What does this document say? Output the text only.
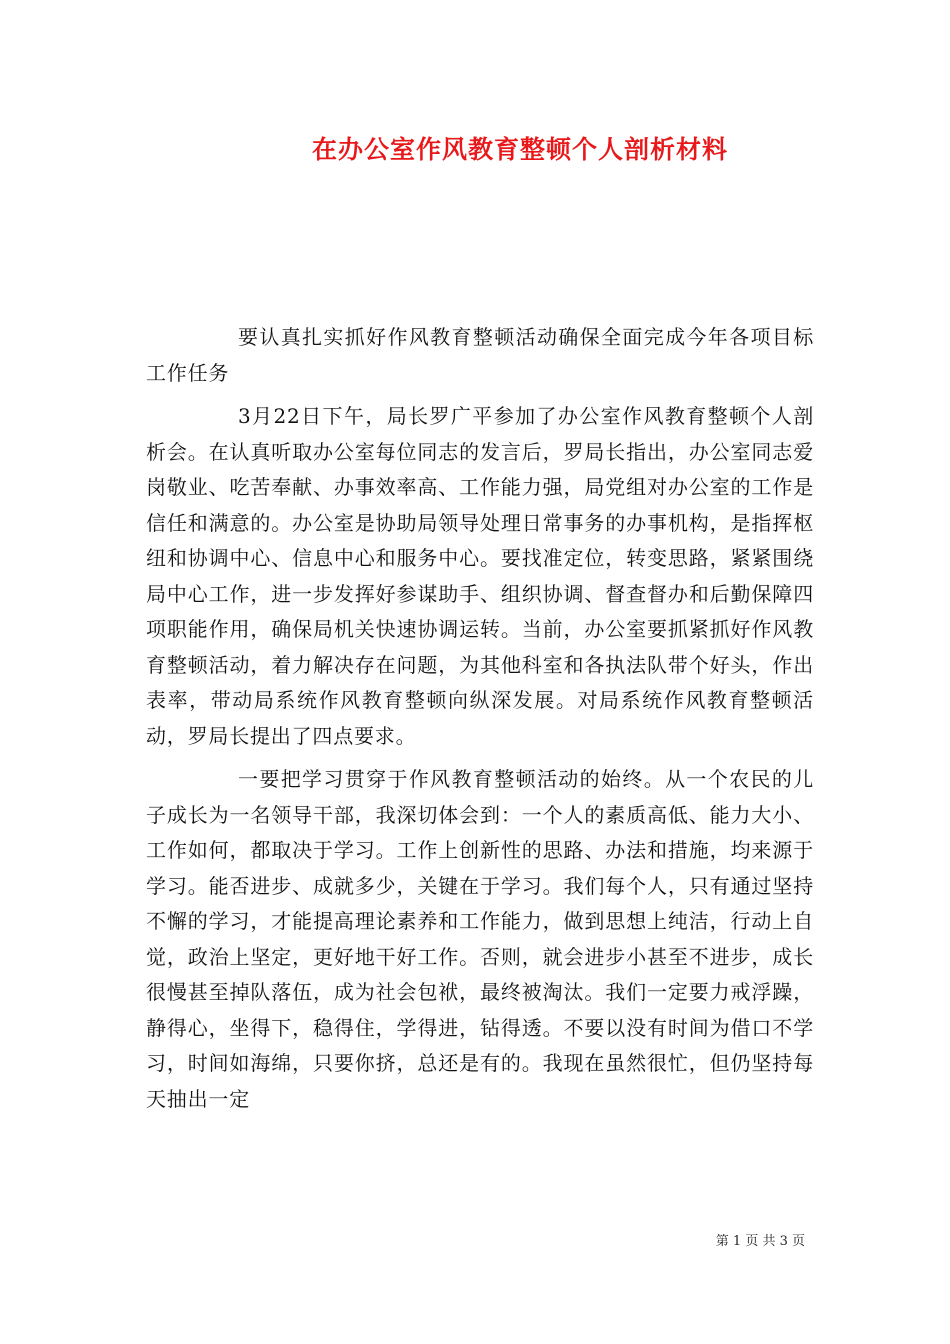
在办公室作风教育整顿个人剖析材料

要认真扎实抓好作风教育整顿活动确保全面完成今年各项目标工作任务

3月22日下午，局长罗广平参加了办公室作风教育整顿个人剖析会。在认真听取办公室每位同志的发言后，罗局长指出，办公室同志爱岗敬业、吃苦奉献、办事效率高、工作能力强，局党组对办公室的工作是信任和满意的。办公室是协助局领导处理日常事务的办事机构，是指挥枢纽和协调中心、信息中心和服务中心。要找准定位，转变思路，紧紧围绕局中心工作，进一步发挥好参谋助手、组织协调、督查督办和后勤保障四项职能作用，确保局机关快速协调运转。当前，办公室要抓紧抓好作风教育整顿活动，着力解决存在问题，为其他科室和各执法队带个好头，作出表率，带动局系统作风教育整顿向纵深发展。对局系统作风教育整顿活动，罗局长提出了四点要求。

一要把学习贯穿于作风教育整顿活动的始终。从一个农民的儿子成长为一名领导干部，我深切体会到：一个人的素质高低、能力大小、工作如何，都取决于学习。工作上创新性的思路、办法和措施，均来源于学习。能否进步、成就多少，关键在于学习。我们每个人，只有通过坚持不懈的学习，才能提高理论素养和工作能力，做到思想上纯洁，行动上自觉，政治上坚定，更好地干好工作。否则，就会进步小甚至不进步，成长很慢甚至掉队落伍，成为社会包袱，最终被淘汰。我们一定要力戒浮躁，静得心，坐得下，稳得住，学得进，钻得透。不要以没有时间为借口不学习，时间如海绵，只要你挤，总还是有的。我现在虽然很忙，但仍坚持每天抽出一定

第 1 页 共 3 页
